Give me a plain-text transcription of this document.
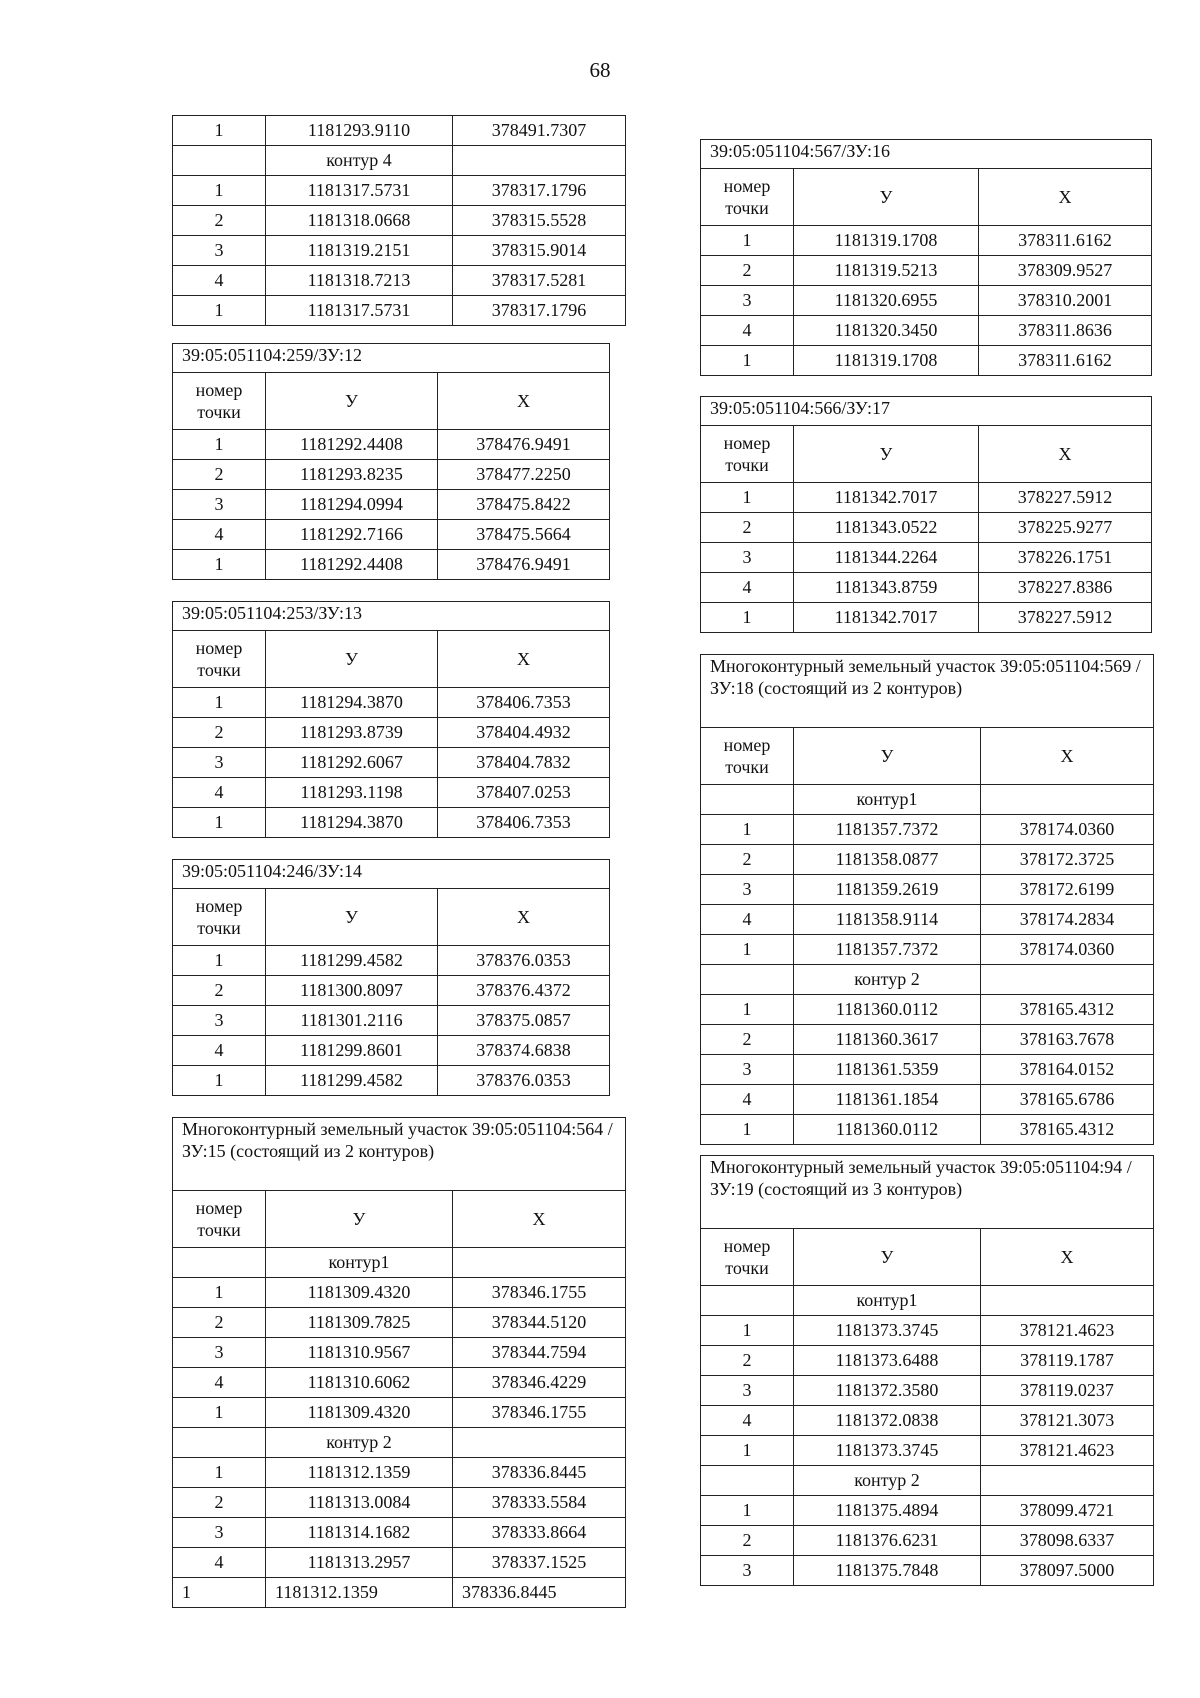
68
1	1181293.9110	378491.7307
	контур 4	
1	1181317.5731	378317.1796
2	1181318.0668	378315.5528
3	1181319.2151	378315.9014
4	1181318.7213	378317.5281
1	1181317.5731	378317.1796
39:05:051104:259/ЗУ:12		

номер
точки	У	Х
1	1181292.4408	378476.9491
2	1181293.8235	378477.2250
3	1181294.0994	378475.8422
4	1181292.7166	378475.5664
1	1181292.4408	378476.9491
39:05:051104:253/ЗУ:13		

номер
точки	У	Х
1	1181294.3870	378406.7353
2	1181293.8739	378404.4932
3	1181292.6067	378404.7832
4	1181293.1198	378407.0253
1	1181294.3870	378406.7353
39:05:051104:246/ЗУ:14		

номер
точки	У	Х
1	1181299.4582	378376.0353
2	1181300.8097	378376.4372
3	1181301.2116	378375.0857
4	1181299.8601	378374.6838
1	1181299.4582	378376.0353
Многоконтурный земельный участок 39:05:051104:564 /ЗУ:15 (состоящий из 2 контуров)		

номер
точки	У	Х
	контур1	
1	1181309.4320	378346.1755
2	1181309.7825	378344.5120
3	1181310.9567	378344.7594
4	1181310.6062	378346.4229
1	1181309.4320	378346.1755
	контур 2	
1	1181312.1359	378336.8445
2	1181313.0084	378333.5584
3	1181314.1682	378333.8664
4	1181313.2957	378337.1525
1	1181312.1359	378336.8445
39:05:051104:567/ЗУ:16		

номер
точки	У	Х
1	1181319.1708	378311.6162
2	1181319.5213	378309.9527
3	1181320.6955	378310.2001
4	1181320.3450	378311.8636
1	1181319.1708	378311.6162
39:05:051104:566/ЗУ:17		

номер
точки	У	Х
1	1181342.7017	378227.5912
2	1181343.0522	378225.9277
3	1181344.2264	378226.1751
4	1181343.8759	378227.8386
1	1181342.7017	378227.5912
Многоконтурный земельный участок 39:05:051104:569 /ЗУ:18 (состоящий из 2 контуров)		

номер
точки	У	Х
	контур1	
1	1181357.7372	378174.0360
2	1181358.0877	378172.3725
3	1181359.2619	378172.6199
4	1181358.9114	378174.2834
1	1181357.7372	378174.0360
	контур 2	
1	1181360.0112	378165.4312
2	1181360.3617	378163.7678
3	1181361.5359	378164.0152
4	1181361.1854	378165.6786
1	1181360.0112	378165.4312
Многоконтурный земельный участок 39:05:051104:94 /ЗУ:19 (состоящий из 3 контуров)		

номер
точки	У	Х
	контур1	
1	1181373.3745	378121.4623
2	1181373.6488	378119.1787
3	1181372.3580	378119.0237
4	1181372.0838	378121.3073
1	1181373.3745	378121.4623
	контур 2	
1	1181375.4894	378099.4721
2	1181376.6231	378098.6337
3	1181375.7848	378097.5000
